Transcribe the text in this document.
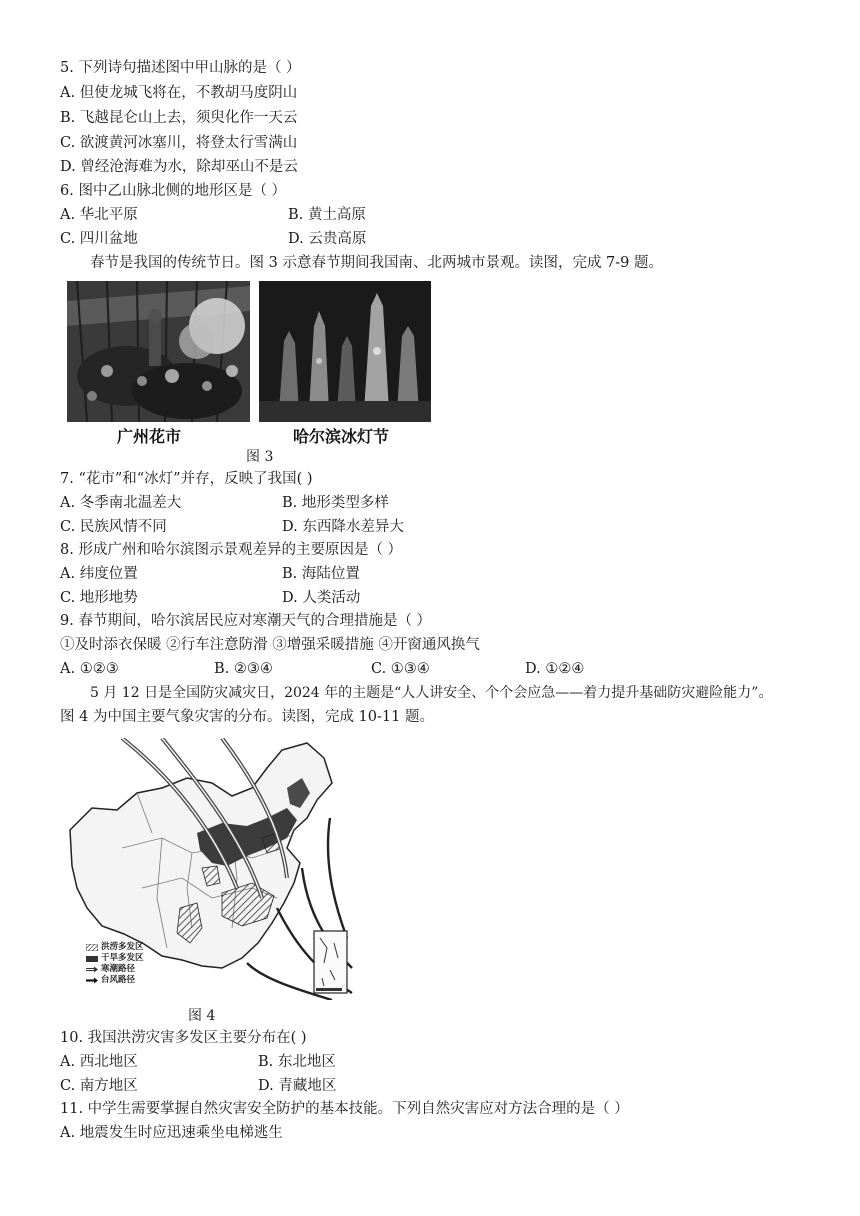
5. 下列诗句描述图中甲山脉的是（ ）
A. 但使龙城飞将在，不教胡马度阴山
B. 飞越昆仑山上去，须臾化作一天云
C. 欲渡黄河冰塞川，将登太行雪满山
D. 曾经沧海难为水，除却巫山不是云
6. 图中乙山脉北侧的地形区是（ ）
A. 华北平原	B. 黄土高原
C. 四川盆地	D. 云贵高原
春节是我国的传统节日。图 3 示意春节期间我国南、北两城市景观。读图，完成 7-9 题。
广州花市	哈尔滨冰灯节
图 3
7. “花市”和“冰灯”并存，反映了我国( )
A. 冬季南北温差大	B. 地形类型多样
C. 民族风情不同	D. 东西降水差异大
8. 形成广州和哈尔滨图示景观差异的主要原因是（ ）
A. 纬度位置	B. 海陆位置
C. 地形地势	D. 人类活动
9. 春节期间，哈尔滨居民应对寒潮天气的合理措施是（ ）
①及时添衣保暖 ②行车注意防滑 ③增强采暖措施 ④开窗通风换气
A. ①②③	B. ②③④	C. ①③④	D. ①②④
5 月 12 日是全国防灾减灾日，2024 年的主题是“人人讲安全、个个会应急——着力提升基础防灾避险能力”。
图 4 为中国主要气象灾害的分布。读图，完成 10-11 题。
洪涝多发区
干旱多发区
寒潮路径
台风路径
图 4
10. 我国洪涝灾害多发区主要分布在( )
A. 西北地区	B. 东北地区
C. 南方地区	D. 青藏地区
11. 中学生需要掌握自然灾害安全防护的基本技能。下列自然灾害应对方法合理的是（ ）
A. 地震发生时应迅速乘坐电梯逃生
